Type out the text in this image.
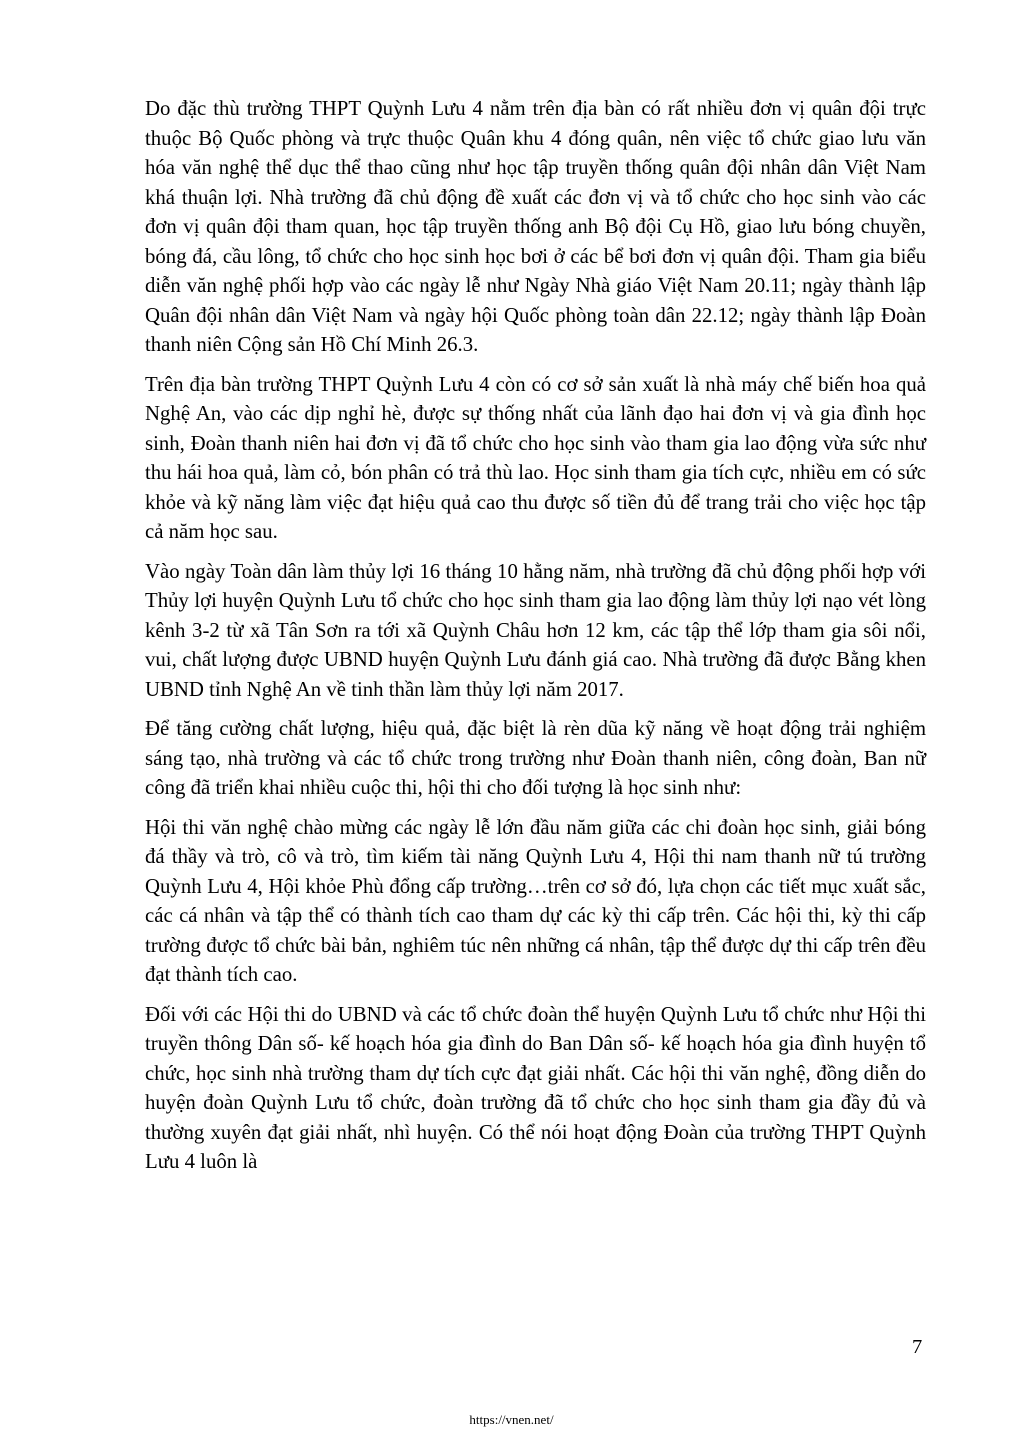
Do đặc thù trường THPT Quỳnh Lưu 4 nằm trên địa bàn có rất nhiều đơn vị quân đội trực thuộc Bộ Quốc phòng và trực thuộc Quân khu 4 đóng quân, nên việc tổ chức giao lưu văn hóa văn nghệ thể dục thể thao cũng như học tập truyền thống quân đội nhân dân Việt Nam khá thuận lợi. Nhà trường đã chủ động đề xuất các đơn vị và tổ chức cho học sinh vào các đơn vị quân đội tham quan, học tập truyền thống anh Bộ đội Cụ Hồ, giao lưu bóng chuyền, bóng đá, cầu lông, tổ chức cho học sinh học bơi ở các bể bơi đơn vị quân đội. Tham gia biểu diễn văn nghệ phối hợp vào các ngày lễ như Ngày Nhà giáo Việt Nam 20.11; ngày thành lập Quân đội nhân dân Việt Nam và ngày hội Quốc phòng toàn dân 22.12; ngày thành lập Đoàn thanh niên Cộng sản Hồ Chí Minh 26.3.

Trên địa bàn trường THPT Quỳnh Lưu 4 còn có cơ sở sản xuất là nhà máy chế biến hoa quả Nghệ An, vào các dịp nghỉ hè, được sự thống nhất của lãnh đạo hai đơn vị và gia đình học sinh, Đoàn thanh niên hai đơn vị đã tổ chức cho học sinh vào tham gia lao động vừa sức như thu hái hoa quả, làm cỏ, bón phân có trả thù lao. Học sinh tham gia tích cực, nhiều em có sức khỏe và kỹ năng làm việc đạt hiệu quả cao thu được số tiền đủ để trang trải cho việc học tập cả năm học sau.

Vào ngày Toàn dân làm thủy lợi 16 tháng 10 hằng năm, nhà trường đã chủ động phối hợp với Thủy lợi huyện Quỳnh Lưu tổ chức cho học sinh tham gia lao động làm thủy lợi nạo vét lòng kênh 3-2 từ xã Tân Sơn ra tới xã Quỳnh Châu hơn 12 km, các tập thể lớp tham gia sôi nổi, vui, chất lượng được UBND huyện Quỳnh Lưu đánh giá cao. Nhà trường đã được Bằng khen UBND tỉnh Nghệ An về tinh thần làm thủy lợi năm 2017.

Để tăng cường chất lượng, hiệu quả, đặc biệt là rèn dũa kỹ năng về hoạt động trải nghiệm sáng tạo, nhà trường và các tổ chức trong trường như Đoàn thanh niên, công đoàn, Ban nữ công đã triển khai nhiều cuộc thi, hội thi cho đối tượng là học sinh như:

Hội thi văn nghệ chào mừng các ngày lễ lớn đầu năm giữa các chi đoàn học sinh, giải bóng đá thầy và trò, cô và trò, tìm kiếm tài năng Quỳnh Lưu 4, Hội thi nam thanh nữ tú trường Quỳnh Lưu 4, Hội khỏe Phù đổng cấp trường…trên cơ sở đó, lựa chọn các tiết mục xuất sắc, các cá nhân và tập thể có thành tích cao tham dự các kỳ thi cấp trên. Các hội thi, kỳ thi cấp trường được tổ chức bài bản, nghiêm túc nên những cá nhân, tập thể được dự thi cấp trên đều đạt thành tích cao.

Đối với các Hội thi do UBND và các tổ chức đoàn thể huyện Quỳnh Lưu tổ chức như Hội thi truyền thông Dân số- kế hoạch hóa gia đình do Ban Dân số- kế hoạch hóa gia đình huyện tổ chức, học sinh nhà trường tham dự tích cực đạt giải nhất. Các hội thi văn nghệ, đồng diễn do huyện đoàn Quỳnh Lưu tổ chức, đoàn trường đã tổ chức cho học sinh tham gia đầy đủ và thường xuyên đạt giải nhất, nhì huyện. Có thể nói hoạt động Đoàn của trường THPT Quỳnh Lưu 4 luôn là

7
https://vnen.net/
